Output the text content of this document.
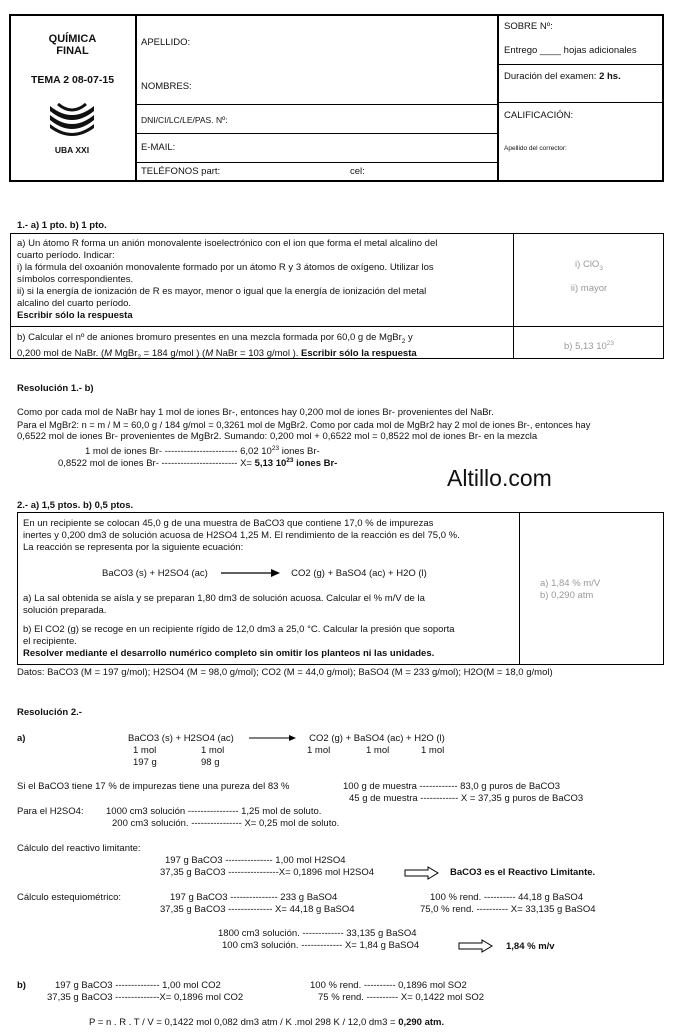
QUÍMICA
FINAL
TEMA 2 08-07-15
UBA XXI
APELLIDO:
NOMBRES:
DNI/CI/LC/LE/PAS. Nº:
E-MAIL:
TELÉFONOS part:	cel:
SOBRE Nº:
Entrego ____ hojas adicionales
Duración del examen: 2 hs.
CALIFICACIÓN:
Apellido del corrector:
1.- a) 1 pto. b) 1 pto.
a) Un átomo R forma un anión monovalente isoelectrónico con el ion que forma el metal alcalino del
cuarto período. Indicar:
i) la fórmula del oxoanión monovalente formado por un átomo R y 3 átomos de oxígeno. Utilizar los
símbolos correspondientes.
ii) si la energía de ionización de R es mayor, menor o igual que la energía de ionización del metal
alcalino del cuarto período.
Escribir sólo la respuesta
i) ClO$_3$
ii) mayor
b) Calcular el nº de aniones bromuro presentes en una mezcla formada por 60,0 g de MgBr$_2$ y
0,200 mol de NaBr. (M MgBr$_2$ = 184 g/mol ) (M NaBr = 103 g/mol ). Escribir sólo la respuesta
b) 5,13 $10^{23}$
Resolución 1.- b)
Como por cada mol de NaBr hay 1 mol de iones Br-, entonces hay 0,200 mol de iones Br- provenientes del NaBr.
Para el MgBr2: n = m / M = 60,0 g / 184 g/mol = 0,3261 mol de MgBr2. Como por cada mol de MgBr2 hay 2 mol de iones Br-, entonces hay
0,6522 mol de iones Br- provenientes de MgBr2. Sumando: 0,200 mol + 0,6522 mol = 0,8522 mol de iones Br- en la mezcla
1 mol de iones Br- ----------------------- 6,02 $10^{23}$ iones Br-
0,8522 mol de iones Br- ------------------------ X= 5,13 $10^{23}$ iones Br-
Altillo.com
2.- a) 1,5 ptos. b) 0,5 ptos.
En un recipiente se colocan 45,0 g de una muestra de BaCO3 que contiene 17,0 % de impurezas
inertes y 0,200 dm3 de solución acuosa de H2SO4 1,25 M. El rendimiento de la reacción es del 75,0 %.
La reacción se representa por la siguiente ecuación:
BaCO3 (s) + H2SO4 (ac)	CO2 (g) + BaSO4 (ac) + H2O (l)
a) La sal obtenida se aísla y se preparan 1,80 dm3 de solución acuosa. Calcular el % m/V de la
solución preparada.
b) El CO2 (g) se recoge en un recipiente rígido de 12,0 dm3 a 25,0 °C. Calcular la presión que soporta
el recipiente.
Resolver mediante el desarrollo numérico completo sin omitir los planteos ni las unidades.
a) 1,84 % m/V
b) 0,290 atm
Datos: BaCO3 (M = 197 g/mol); H2SO4 (M = 98,0 g/mol); CO2 (M = 44,0 g/mol); BaSO4 (M = 233 g/mol); H2O(M = 18,0 g/mol)
Resolución 2.-
a)	BaCO3 (s) + H2SO4 (ac)	CO2 (g) + BaSO4 (ac) + H2O (l)
1 mol	1 mol	1 mol	1 mol	1 mol
197 g	98 g
Si el BaCO3 tiene 17 % de impurezas tiene una pureza del 83 %	100 g de muestra ------------ 83,0 g puros de BaCO3
45 g de muestra ------------ X = 37,35 g puros de BaCO3
Para el H2SO4: 1000 cm3 solución ---------------- 1,25 mol de soluto.
200 cm3 solución. ---------------- X= 0,25 mol de soluto.
Cálculo del reactivo limitante:
197 g BaCO3 --------------- 1,00 mol H2SO4
37,35 g BaCO3 ----------------X= 0,1896 mol H2SO4	BaCO3 es el Reactivo Limitante.
Cálculo estequiométrico:	197 g BaCO3 --------------- 233 g BaSO4
37,35 g BaCO3 -------------- X= 44,18 g BaSO4
100 % rend. ---------- 44,18 g BaSO4
75,0 % rend. ---------- X= 33,135 g BaSO4
1800 cm3 solución. ------------- 33,135 g BaSO4
100 cm3 solución. ------------- X= 1,84 g BaSO4	1,84 % m/v
b)	197 g BaCO3 -------------- 1,00 mol CO2
37,35 g BaCO3 --------------X= 0,1896 mol CO2
100 % rend. ---------- 0,1896 mol SO2
75 % rend. ---------- X= 0,1422 mol SO2
P = n . R . T / V = 0,1422 mol 0,082 dm3 atm / K .mol 298 K / 12,0 dm3 = 0,290 atm.
